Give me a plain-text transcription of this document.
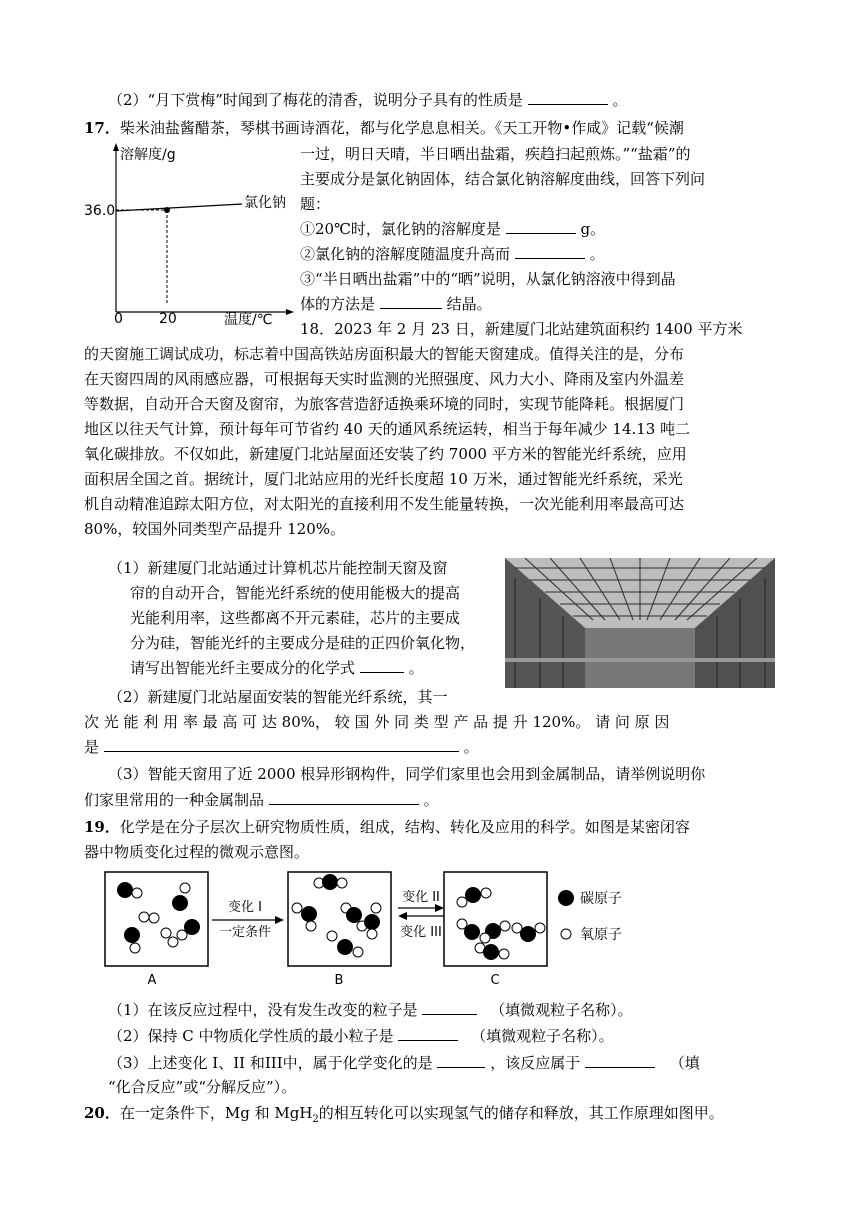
（2）“月下赏梅”时闻到了梅花的清香，说明分子具有的性质是	。
17．柴米油盐酱醋茶，琴棋书画诗酒花，都与化学息息相关。《天工开物•作咸》记载“候潮
一过，明日天晴，半日晒出盐霜，疾趋扫起煎炼。”“盐霜”的
主要成分是氯化钠固体，结合氯化钠溶解度曲线，回答下列问
题：
①20℃时，氯化钠的溶解度是	g。
②氯化钠的溶解度随温度升高而	。
③“半日晒出盐霜”中的“晒”说明，从氯化钠溶液中得到晶
体的方法是	结晶。
溶解度/g
温度/℃
0	20
36.0	氯化钠
18．2023 年 2 月 23 日，新建厦门北站建筑面积约 1400 平方米
的天窗施工调试成功，标志着中国高铁站房面积最大的智能天窗建成。值得关注的是，分布
在天窗四周的风雨感应器，可根据每天实时监测的光照强度、风力大小、降雨及室内外温差
等数据，自动开合天窗及窗帘，为旅客营造舒适换乘环境的同时，实现节能降耗。根据厦门
地区以往天气计算，预计每年可节省约 40 天的通风系统运转，相当于每年减少 14.13 吨二
氧化碳排放。不仅如此，新建厦门北站屋面还安装了约 7000 平方米的智能光纤系统，应用
面积居全国之首。据统计，厦门北站应用的光纤长度超 10 万米，通过智能光纤系统，采光
机自动精准追踪太阳方位，对太阳光的直接利用不发生能量转换，一次光能利用率最高可达
80%，较国外同类型产品提升 120%。
（1）新建厦门北站通过计算机芯片能控制天窗及窗
帘的自动开合，智能光纤系统的使用能极大的提高
光能利用率，这些都离不开元素硅，芯片的主要成
分为硅，智能光纤的主要成分是硅的正四价氧化物，
请写出智能光纤主要成分的化学式	。
（2）新建厦门北站屋面安装的智能光纤系统，其一
次 光 能 利 用 率 最 高 可 达 80%， 较 国 外 同 类 型 产 品 提 升 120%。 请 问 原 因
是	。
（3）智能天窗用了近 2000 根异形钢构件，同学们家里也会用到金属制品，请举例说明你
们家里常用的一种金属制品	。
19．化学是在分子层次上研究物质性质，组成，结构、转化及应用的科学。如图是某密闭容
器中物质变化过程的微观示意图。
A
变化 I
一定条件
B
变化 II
变化 III
C
碳原子
氧原子
（1）在该反应过程中，没有发生改变的粒子是	（填微观粒子名称）。
（2）保持 C 中物质化学性质的最小粒子是	（填微观粒子名称）。
（3）上述变化 I、II 和III中，属于化学变化的是	，该反应属于	（填
“化合反应”或“分解反应”）。
20．在一定条件下，Mg 和 MgH$_2$的相互转化可以实现氢气的储存和释放，其工作原理如图甲。
